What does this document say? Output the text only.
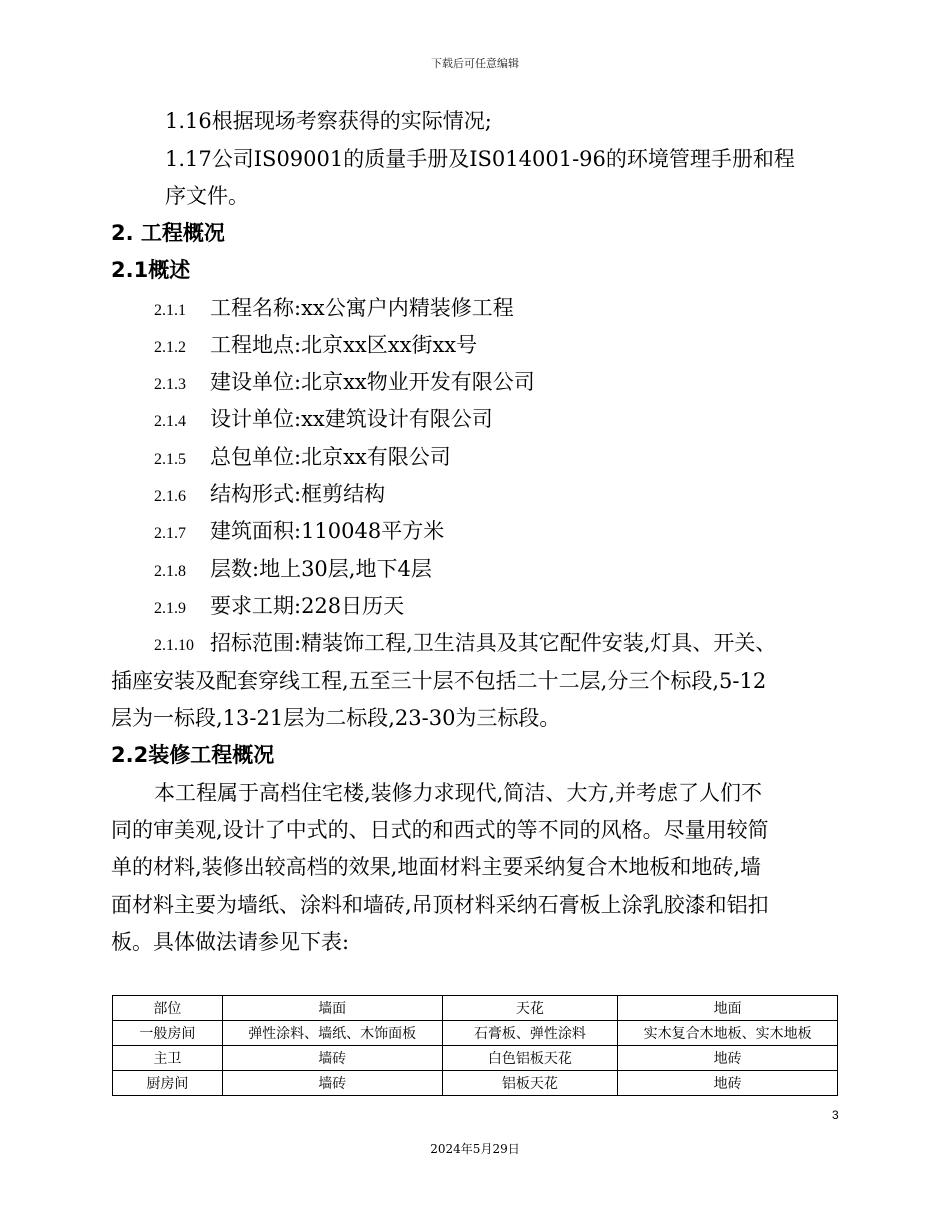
下载后可任意编辑
1.16根据现场考察获得的实际情况;
1.17公司IS09001的质量手册及IS014001-96的环境管理手册和程
序文件。
2. 工程概况
2.1概述
2.1.1 工程名称:xx公寓户内精装修工程
2.1.2 工程地点:北京xx区xx街xx号
2.1.3 建设单位:北京xx物业开发有限公司
2.1.4 设计单位:xx建筑设计有限公司
2.1.5 总包单位:北京xx有限公司
2.1.6 结构形式:框剪结构
2.1.7 建筑面积:110048平方米
2.1.8 层数:地上30层,地下4层
2.1.9 要求工期:228日历天
2.1.10 招标范围:精装饰工程,卫生洁具及其它配件安装,灯具、开关、
插座安装及配套穿线工程,五至三十层不包括二十二层,分三个标段,5-12
层为一标段,13-21层为二标段,23-30为三标段。
2.2装修工程概况
本工程属于高档住宅楼,装修力求现代,简洁、大方,并考虑了人们不
同的审美观,设计了中式的、日式的和西式的等不同的风格。尽量用较简
单的材料,装修出较高档的效果,地面材料主要采纳复合木地板和地砖,墙
面材料主要为墙纸、涂料和墙砖,吊顶材料采纳石膏板上涂乳胶漆和铝扣
板。具体做法请参见下表:
部位	墙面	天花	地面
一般房间	弹性涂料、墙纸、木饰面板	石膏板、弹性涂料	实木复合木地板、实木地板
主卫	墙砖	白色铝板天花	地砖
厨房间	墙砖	铝板天花	地砖
3
2024年5月29日
